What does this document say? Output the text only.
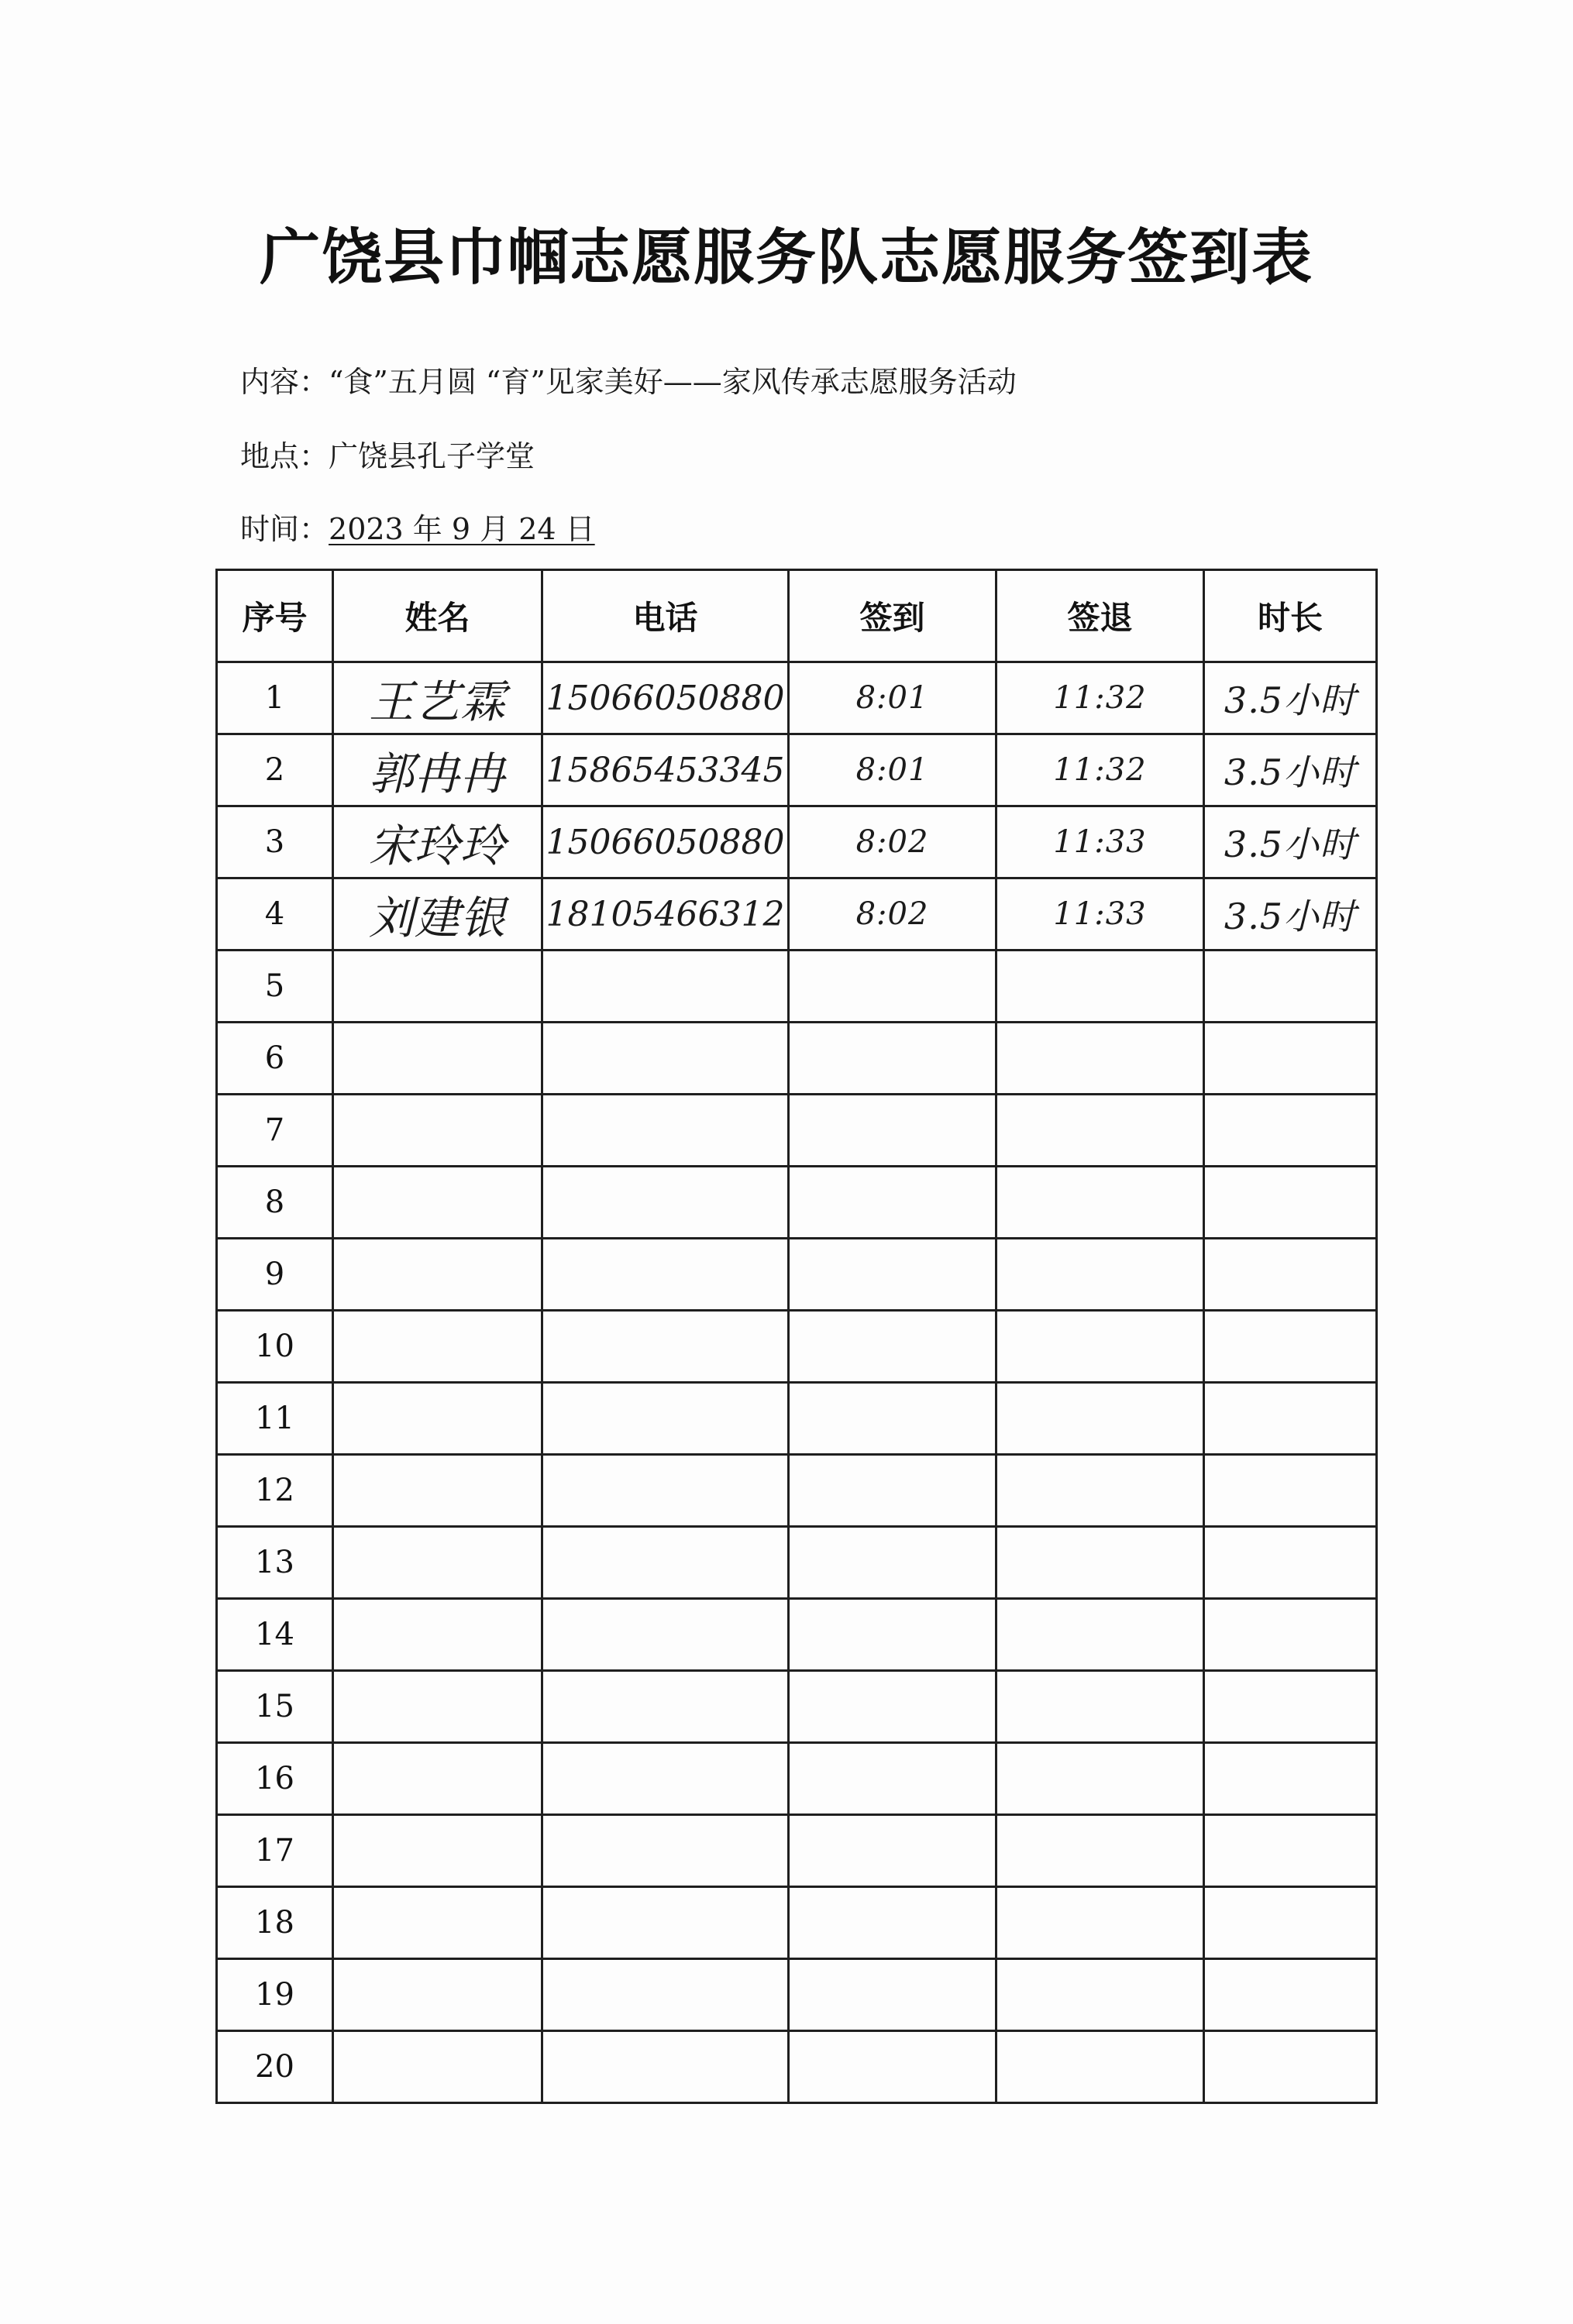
广饶县巾帼志愿服务队志愿服务签到表
内容：“食”五月圆 “育”见家美好——家风传承志愿服务活动
地点：广饶县孔子学堂
时间：2023 年 9 月 24 日
序号	姓名	电话	签到	签退	时长
1	王艺霖	15066050880	8:01	11:32	3.5小时
2	郭冉冉	15865453345	8:01	11:32	3.5小时
3	宋玲玲	15066050880	8:02	11:33	3.5小时
4	刘建银	18105466312	8:02	11:33	3.5小时
5					
6					
7					
8					
9					
10					
11					
12					
13					
14					
15					
16					
17					
18					
19					
20					
